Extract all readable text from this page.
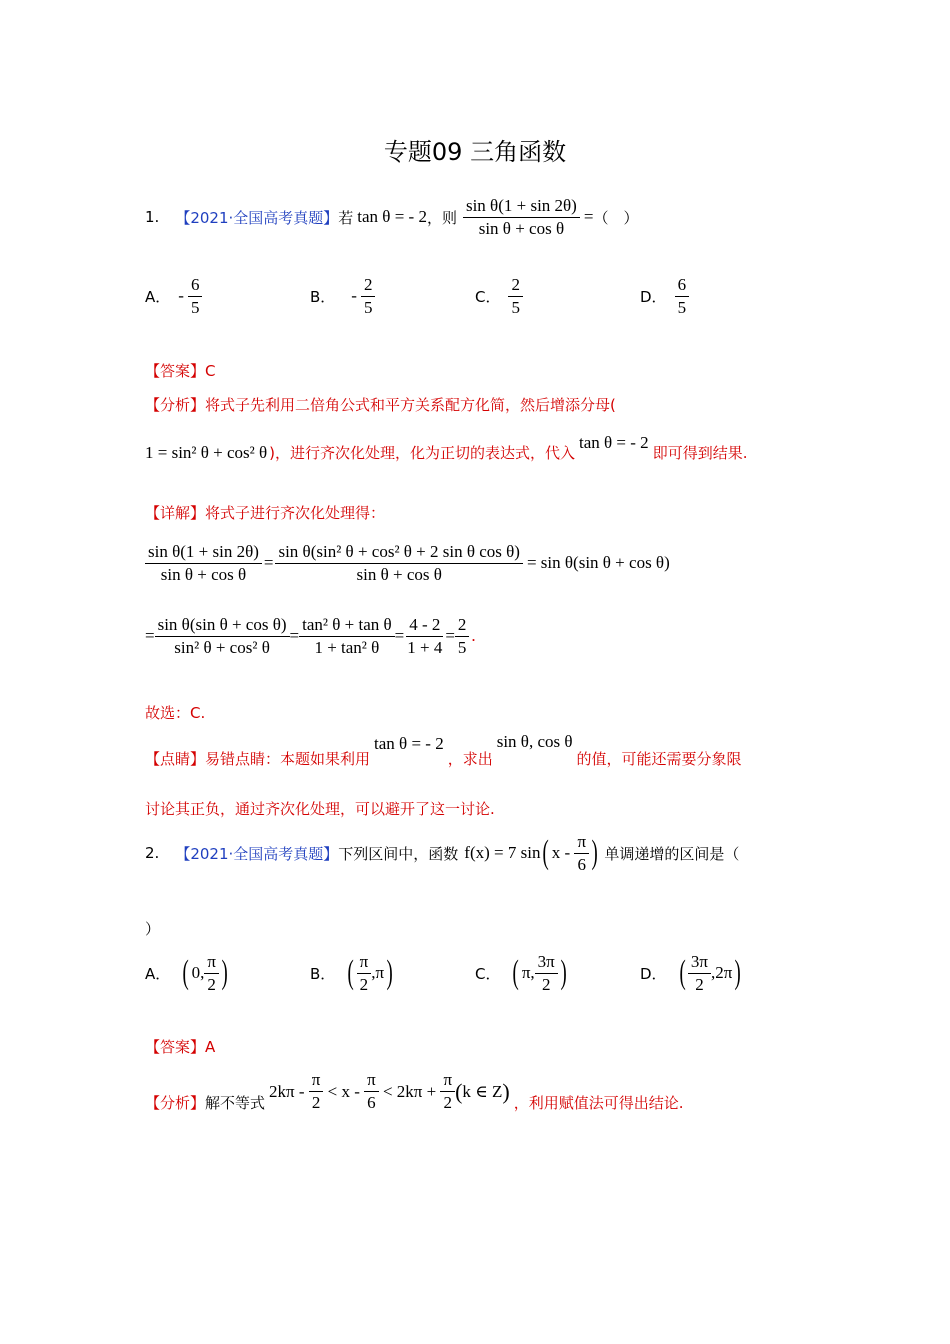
专题09 三角函数
1. 【2021·全国高考真题】 若 tan θ = - 2 ，则 $\frac{\text{sin θ(1 + sin 2θ)}}{\text{sin θ + cos θ}}$ = （　）
A． - $\frac{6}{5}$	B． - $\frac{2}{5}$	C． $\frac{2}{5}$	D． $\frac{6}{5}$
【答案】C
【分析】将式子先利用二倍角公式和平方关系配方化简，然后增添分母(
1 = sin² θ + cos² θ )，进行齐次化处理，化为正切的表达式，代入
tan θ = - 2
即可得到结果.
【详解】将式子进行齐次化处理得：
$\frac{\text{sin θ(1 + sin 2θ)}}{\text{sin θ + cos θ}} = \frac{\text{sin θ(sin² θ + cos² θ + 2 sin θ cos θ)}}{\text{sin θ + cos θ}} = \sin \theta(\sin$ θ + cos θ)
= $\frac{\text{sin θ(sin θ + cos θ)}}{\text{sin² θ + cos² θ}} = \frac{\text{tan² θ + tan θ}}{\text{1 + tan² θ}} = \frac{4 - 2}{1 + 4} = \frac{2}{5}$ .
故选：C.
【点睛】 易错点睛：本题如果利用
tan θ = - 2
，求出
sin θ, cos θ
的值，可能还需要分象限
讨论其正负，通过齐次化处理，可以避开了这一讨论.
2. 【2021·全国高考真题】 下列区间中，函数 f(x) = 7 sin ( x - $\frac{\pi}{6}$ ) 单调递增的区间是（
）
A． ( 0, $\frac{\pi}{2}$ )	B． ( $\frac{\pi}{2} ,\pi$ )	C． ( π, $\frac{3\pi}{2}$ )	D． ( $\frac{3\pi}{2} ,2\pi$ )
【答案】A
【分析】 解不等式
$2k\pi - \frac{\pi}{2} < x - \frac{\pi}{6} < 2k\pi + \frac{\pi}{2}$ ( k ∈ Z ) ，利用赋值法可得出结论.
